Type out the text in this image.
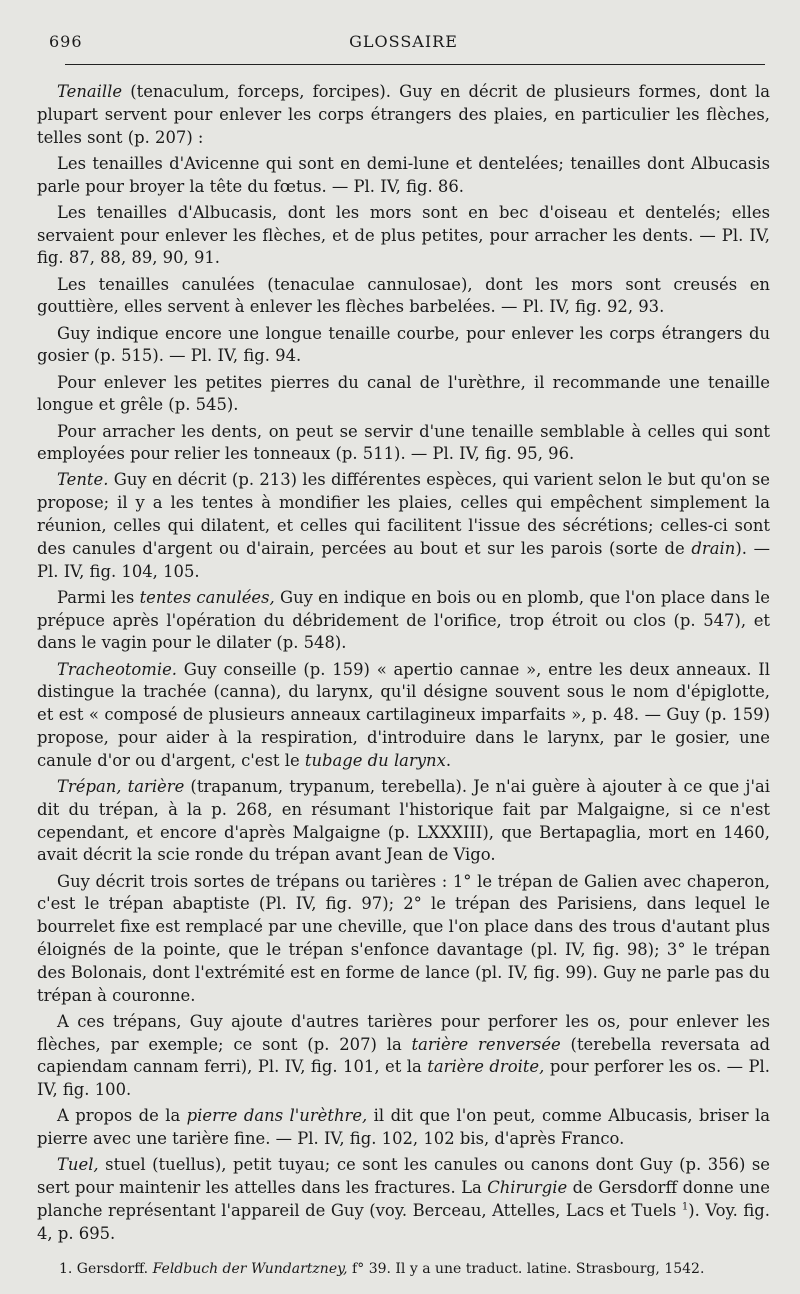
696	GLOSSAIRE

Tenaille (tenaculum, forceps, forcipes). Guy en décrit de plusieurs formes, dont la plupart servent pour enlever les corps étrangers des plaies, en particulier les flèches, telles sont (p. 207) :

Les tenailles d'Avicenne qui sont en demi-lune et dentelées; tenailles dont Albucasis parle pour broyer la tête du fœtus. — Pl. IV, fig. 86.

Les tenailles d'Albucasis, dont les mors sont en bec d'oiseau et dentelés; elles servaient pour enlever les flèches, et de plus petites, pour arracher les dents. — Pl. IV, fig. 87, 88, 89, 90, 91.

Les tenailles canulées (tenaculae cannulosae), dont les mors sont creusés en gouttière, elles servent à enlever les flèches barbelées. — Pl. IV, fig. 92, 93.

Guy indique encore une longue tenaille courbe, pour enlever les corps étrangers du gosier (p. 515). — Pl. IV, fig. 94.

Pour enlever les petites pierres du canal de l'urèthre, il recommande une tenaille longue et grêle (p. 545).

Pour arracher les dents, on peut se servir d'une tenaille semblable à celles qui sont employées pour relier les tonneaux (p. 511). — Pl. IV, fig. 95, 96.

Tente. Guy en décrit (p. 213) les différentes espèces, qui varient selon le but qu'on se propose; il y a les tentes à mondifier les plaies, celles qui empêchent simplement la réunion, celles qui dilatent, et celles qui facilitent l'issue des sécrétions; celles-ci sont des canules d'argent ou d'airain, percées au bout et sur les parois (sorte de drain). — Pl. IV, fig. 104, 105.

Parmi les tentes canulées, Guy en indique en bois ou en plomb, que l'on place dans le prépuce après l'opération du débridement de l'orifice, trop étroit ou clos (p. 547), et dans le vagin pour le dilater (p. 548).

Tracheotomie. Guy conseille (p. 159) « apertio cannae », entre les deux anneaux. Il distingue la trachée (canna), du larynx, qu'il désigne souvent sous le nom d'épiglotte, et est « composé de plusieurs anneaux cartilagineux imparfaits », p. 48. — Guy (p. 159) propose, pour aider à la respiration, d'introduire dans le larynx, par le gosier, une canule d'or ou d'argent, c'est le tubage du larynx.

Trépan, tarière (trapanum, trypanum, terebella). Je n'ai guère à ajouter à ce que j'ai dit du trépan, à la p. 268, en résumant l'historique fait par Malgaigne, si ce n'est cependant, et encore d'après Malgaigne (p. LXXXIII), que Bertapaglia, mort en 1460, avait décrit la scie ronde du trépan avant Jean de Vigo.

Guy décrit trois sortes de trépans ou tarières : 1° le trépan de Galien avec chaperon, c'est le trépan abaptiste (Pl. IV, fig. 97); 2° le trépan des Parisiens, dans lequel le bourrelet fixe est remplacé par une cheville, que l'on place dans des trous d'autant plus éloignés de la pointe, que le trépan s'enfonce davantage (pl. IV, fig. 98); 3° le trépan des Bolonais, dont l'extrémité est en forme de lance (pl. IV, fig. 99). Guy ne parle pas du trépan à couronne.

A ces trépans, Guy ajoute d'autres tarières pour perforer les os, pour enlever les flèches, par exemple; ce sont (p. 207) la tarière renversée (terebella reversata ad capiendam cannam ferri), Pl. IV, fig. 101, et la tarière droite, pour perforer les os. — Pl. IV, fig. 100.

A propos de la pierre dans l'urèthre, il dit que l'on peut, comme Albucasis, briser la pierre avec une tarière fine. — Pl. IV, fig. 102, 102 bis, d'après Franco.

Tuel, stuel (tuellus), petit tuyau; ce sont les canules ou canons dont Guy (p. 356) se sert pour maintenir les attelles dans les fractures. La Chirurgie de Gersdorff donne une planche représentant l'appareil de Guy (voy. Berceau, Attelles, Lacs et Tuels $^1$). Voy. fig. 4, p. 695.

1. Gersdorff. Feldbuch der Wundartzney, f° 39. Il y a une traduct. latine. Strasbourg, 1542.
